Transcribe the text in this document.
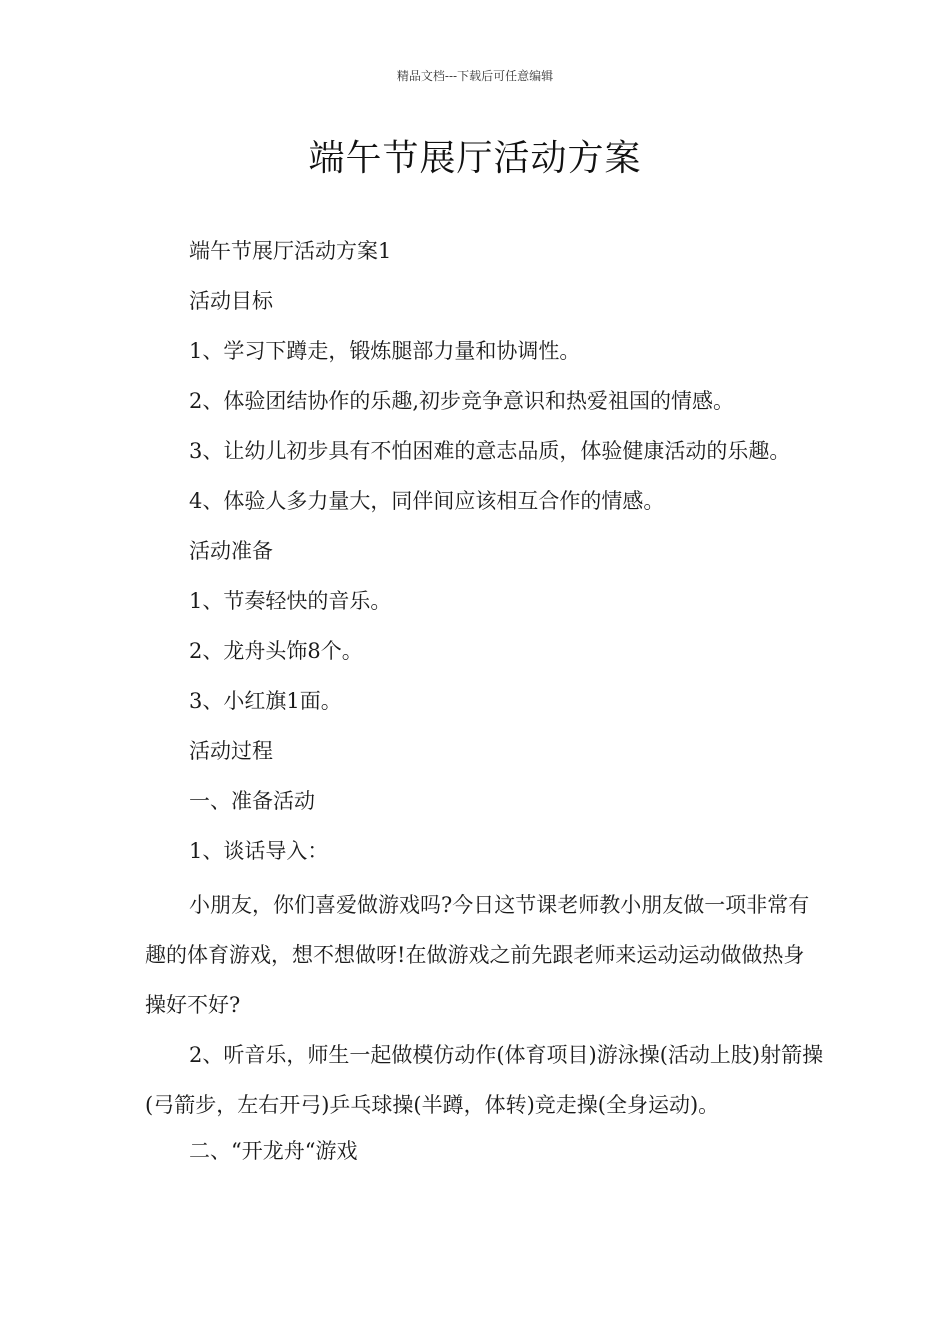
精品文档---下载后可任意编辑
端午节展厅活动方案
端午节展厅活动方案1
活动目标
1、学习下蹲走，锻炼腿部力量和协调性。
2、体验团结协作的乐趣,初步竞争意识和热爱祖国的情感。
3、让幼儿初步具有不怕困难的意志品质，体验健康活动的乐趣。
4、体验人多力量大，同伴间应该相互合作的情感。
活动准备
1、节奏轻快的音乐。
2、龙舟头饰8个。
3、小红旗1面。
活动过程
一、准备活动
1、谈话导入：

小朋友，你们喜爱做游戏吗?今日这节课老师教小朋友做一项非常有趣的体育游戏，想不想做呀!在做游戏之前先跟老师来运动运动做做热身操好不好?

2、听音乐，师生一起做模仿动作(体育项目)游泳操(活动上肢)射箭操(弓箭步，左右开弓)乒乓球操(半蹲，体转)竞走操(全身运动)。

二、“开龙舟“游戏
